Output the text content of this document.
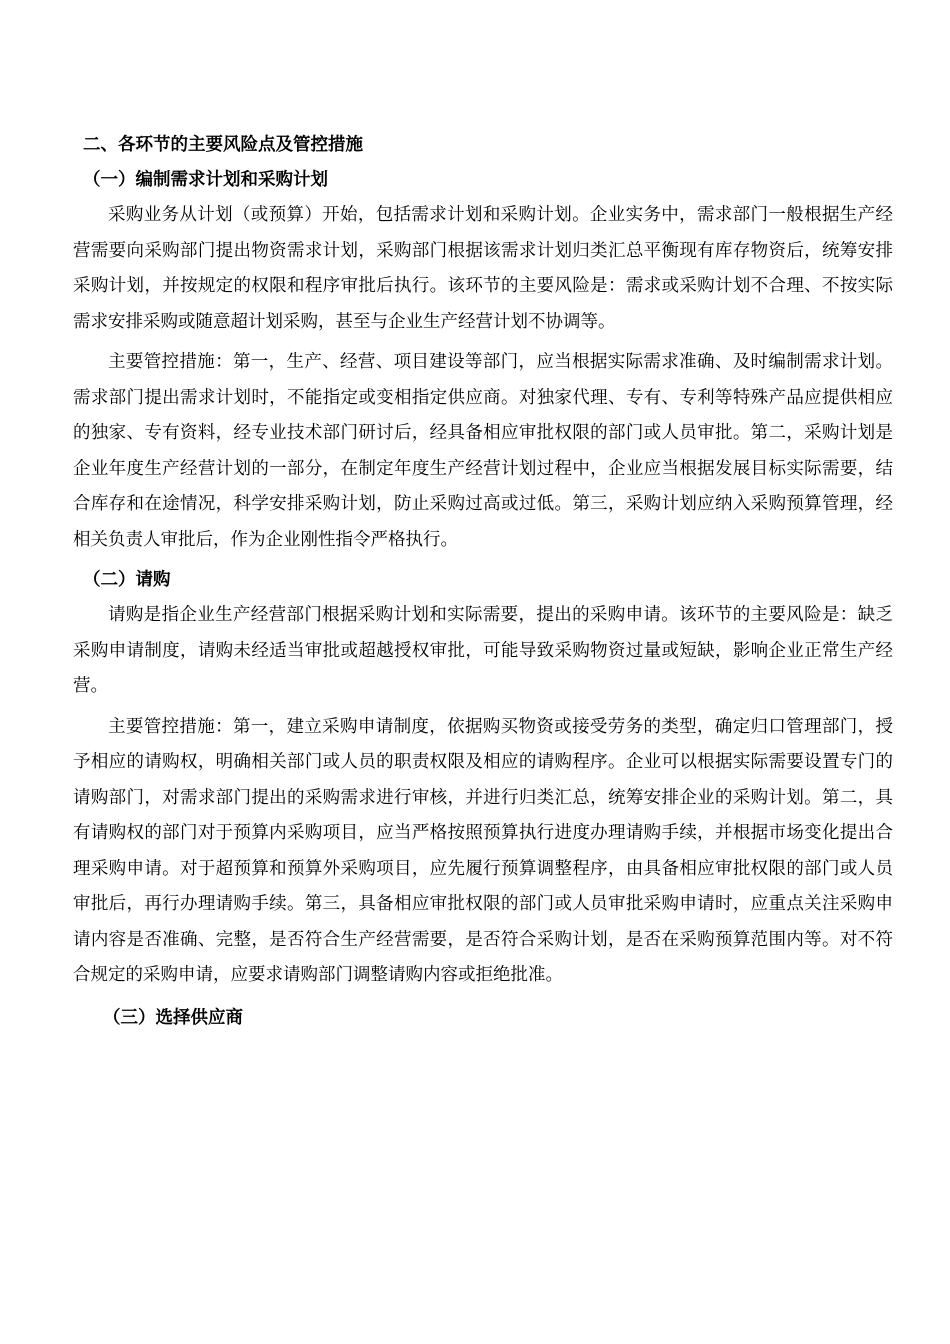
二、各环节的主要风险点及管控措施
（一）编制需求计划和采购计划

采购业务从计划（或预算）开始，包括需求计划和采购计划。企业实务中，需求部门一般根据生产经营需要向采购部门提出物资需求计划，采购部门根据该需求计划归类汇总平衡现有库存物资后，统筹安排采购计划，并按规定的权限和程序审批后执行。该环节的主要风险是：需求或采购计划不合理、不按实际需求安排采购或随意超计划采购，甚至与企业生产经营计划不协调等。

主要管控措施：第一，生产、经营、项目建设等部门，应当根据实际需求准确、及时编制需求计划。需求部门提出需求计划时，不能指定或变相指定供应商。对独家代理、专有、专利等特殊产品应提供相应的独家、专有资料，经专业技术部门研讨后，经具备相应审批权限的部门或人员审批。第二，采购计划是企业年度生产经营计划的一部分，在制定年度生产经营计划过程中，企业应当根据发展目标实际需要，结合库存和在途情况，科学安排采购计划，防止采购过高或过低。第三，采购计划应纳入采购预算管理，经相关负责人审批后，作为企业刚性指令严格执行。

（二）请购

请购是指企业生产经营部门根据采购计划和实际需要，提出的采购申请。该环节的主要风险是：缺乏采购申请制度，请购未经适当审批或超越授权审批，可能导致采购物资过量或短缺，影响企业正常生产经营。

主要管控措施：第一，建立采购申请制度，依据购买物资或接受劳务的类型，确定归口管理部门，授予相应的请购权，明确相关部门或人员的职责权限及相应的请购程序。企业可以根据实际需要设置专门的请购部门，对需求部门提出的采购需求进行审核，并进行归类汇总，统筹安排企业的采购计划。第二，具有请购权的部门对于预算内采购项目，应当严格按照预算执行进度办理请购手续，并根据市场变化提出合理采购申请。对于超预算和预算外采购项目，应先履行预算调整程序，由具备相应审批权限的部门或人员审批后，再行办理请购手续。第三，具备相应审批权限的部门或人员审批采购申请时，应重点关注采购申请内容是否准确、完整，是否符合生产经营需要，是否符合采购计划，是否在采购预算范围内等。对不符合规定的采购申请，应要求请购部门调整请购内容或拒绝批准。

（三）选择供应商
